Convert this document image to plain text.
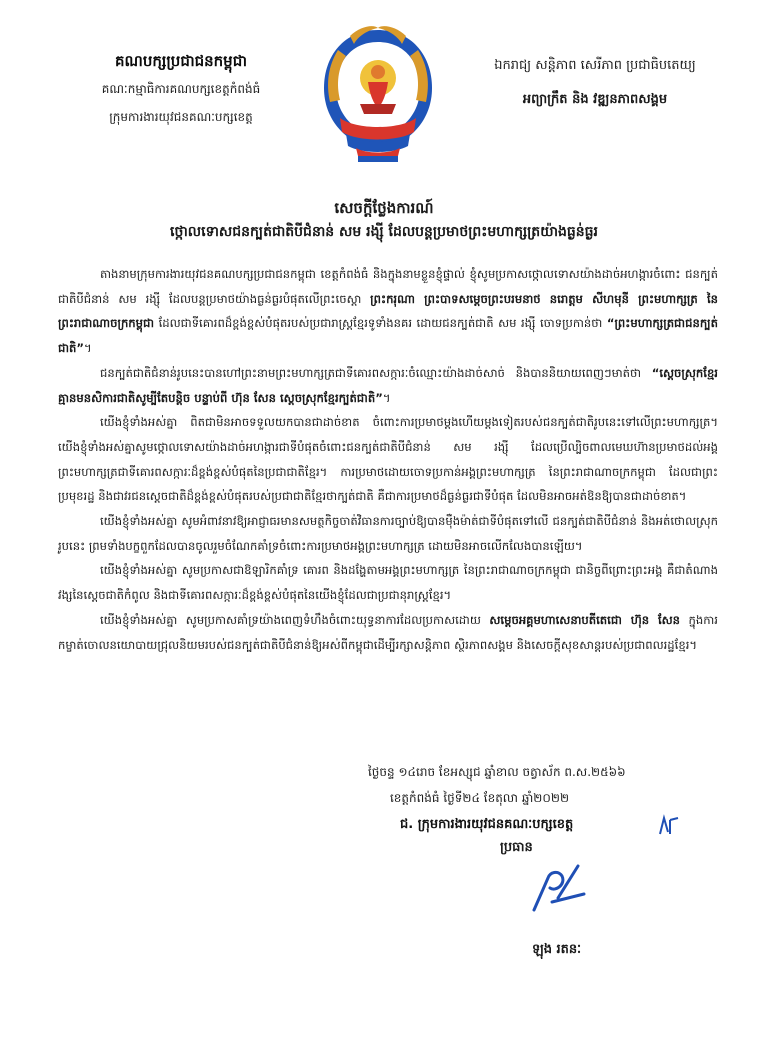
គណបក្សប្រជាជនកម្ពុជា
គណៈកម្មាធិការគណបក្សខេត្តកំពង់ធំ
ក្រុមការងារយុវជនគណៈបក្សខេត្ត
ឯករាជ្យ សន្តិភាព សេរីភាព ប្រជាធិបតេយ្យ
អព្យាក្រឹត និង វឌ្ឍនភាពសង្គម
សេចក្ដីថ្លែងការណ៍
ថ្កោលទោសជនក្បត់ជាតិបីជំនាន់ សម រង្ស៊ី ដែលបន្តប្រមាថព្រះមហាក្សត្រយ៉ាងធ្ងន់ធ្ងរ

តាងនាមក្រុមការងារយុវជនគណបក្សប្រជាជនកម្ពុជា ខេត្តកំពង់ធំ និងក្នុងនាមខ្លួនខ្ញុំផ្ទាល់ ខ្ញុំសូមប្រកាសថ្កោលទោសយ៉ាងដាច់អហង្ការចំពោះ ជនក្បត់ជាតិបីជំនាន់ សម រង្ស៊ី ដែលបន្តប្រមាថយ៉ាងធ្ងន់ធ្ងរបំផុតលើព្រះចេស្ដា ព្រះករុណា ព្រះបាទសម្ដេចព្រះបរមនាថ នរោត្តម សីហមុនី ព្រះមហាក្សត្រ នៃព្រះរាជាណាចក្រកម្ពុជា ដែលជាទីគោរពដ៏ខ្ពង់ខ្ពស់បំផុតរបស់ប្រជារាស្ត្រខ្មែរទូទាំងនគរ ដោយជនក្បត់ជាតិ សម រង្ស៊ី ចោទប្រកាន់ថា “ព្រះមហាក្សត្រជាជនក្បត់ជាតិ”។

ជនក្បត់ជាតិជំនាន់រូបនេះបានហៅព្រះនាមព្រះមហាក្សត្រជាទីគោរពសក្ការៈចំឈ្មោះយ៉ាងដាច់សាច់ និងបាននិយាយពេញៗមាត់ថា “ស្ដេចស្រុកខ្មែរគ្មានមនសិការជាតិសូម្បីតែបន្តិច បន្ទាប់ពី ហ៊ុន សែន ស្ដេចស្រុកខ្មែរក្បត់ជាតិ”។

យើងខ្ញុំទាំងអស់គ្នា ពិតជាមិនអាចទទួលយកបានជាដាច់ខាត ចំពោះការប្រមាថម្ដងហើយម្ដងទៀតរបស់ជនក្បត់ជាតិរូបនេះទៅលើព្រះមហាក្សត្រ។ យើងខ្ញុំទាំងអស់គ្នាសូមថ្កោលទោសយ៉ាងដាច់អហង្ការជាទីបំផុតចំពោះជនក្បត់ជាតិបីជំនាន់ សម រង្ស៊ី ដែលប្រើល្បិចពាលមេឃហ៊ានប្រមាថដល់អង្គព្រះមហាក្សត្រជាទីគោរពសក្ការៈដ៏ខ្ពង់ខ្ពស់បំផុតនៃប្រជាជាតិខ្មែរ។ ការប្រមាថដោយចោទប្រកាន់អង្គព្រះមហាក្សត្រ នៃព្រះរាជាណាចក្រកម្ពុជា ដែលជាព្រះប្រមុខរដ្ឋ និងជាវរជនស្ដេចជាតិដ៏ខ្ពង់ខ្ពស់បំផុតរបស់ប្រជាជាតិខ្មែរថាក្បត់ជាតិ គឺជាការប្រមាថដ៏ធ្ងន់ធ្ងរជាទីបំផុត ដែលមិនអាចអត់ឱនឱ្យបានជាដាច់ខាត។

យើងខ្ញុំទាំងអស់គ្នា សូមអំពាវនាវឱ្យអាជ្ញាធរមានសមត្ថកិច្ចចាត់វិធានការច្បាប់ឱ្យបានម៉ឺងម៉ាត់ជាទីបំផុតទៅលើ ជនក្បត់ជាតិបីជំនាន់ និងអត់ថោលស្រុករូបនេះ ព្រមទាំងបក្ខពួកដែលបានចូលរួមចំណែកគាំទ្រចំពោះការប្រមាថអង្គព្រះមហាក្សត្រ ដោយមិនអាចលើកលែងបានឡើយ។

យើងខ្ញុំទាំងអស់គ្នា សូមប្រកាសជាឱឡារិកគាំទ្រ គោរព និងដង្ហែតាមអង្គព្រះមហាក្សត្រ នៃព្រះរាជាណាចក្រកម្ពុជា ជានិច្ចពីព្រោះព្រះអង្គ គឺជាតំណាងវង្សនៃស្ដេចជាតិកំពូល និងជាទីគោរពសក្ការៈដ៏ខ្ពង់ខ្ពស់បំផុតនៃយើងខ្ញុំដែលជាប្រជានុរាស្ត្រខ្មែរ។

យើងខ្ញុំទាំងអស់គ្នា សូមប្រកាសគាំទ្រយ៉ាងពេញទំហឹងចំពោះយុទ្ធនាការដែលប្រកាសដោយ សម្ដេចអគ្គមហាសេនាបតីតេជោ ហ៊ុន សែន ក្នុងការកម្ចាត់ចោលនយោបាយជ្រុលនិយមរបស់ជនក្បត់ជាតិបីជំនាន់ឱ្យអស់ពីកម្ពុជាដើម្បីរក្សាសន្តិភាព ស្ថិរភាពសង្គម និងសេចក្ដីសុខសាន្តរបស់ប្រជាពលរដ្ឋខ្មែរ។

ថ្ងៃចន្ទ ១៤រោច ខែអស្សុជ ឆ្នាំខាល ចត្វាស័ក ព.ស.២៥៦៦
ខេត្តកំពង់ធំ ថ្ងៃទី២៤ ខែតុលា ឆ្នាំ២០២២
ជ. ក្រុមការងារយុវជនគណៈបក្សខេត្ត
ប្រធាន
ឡុង រតនៈ
